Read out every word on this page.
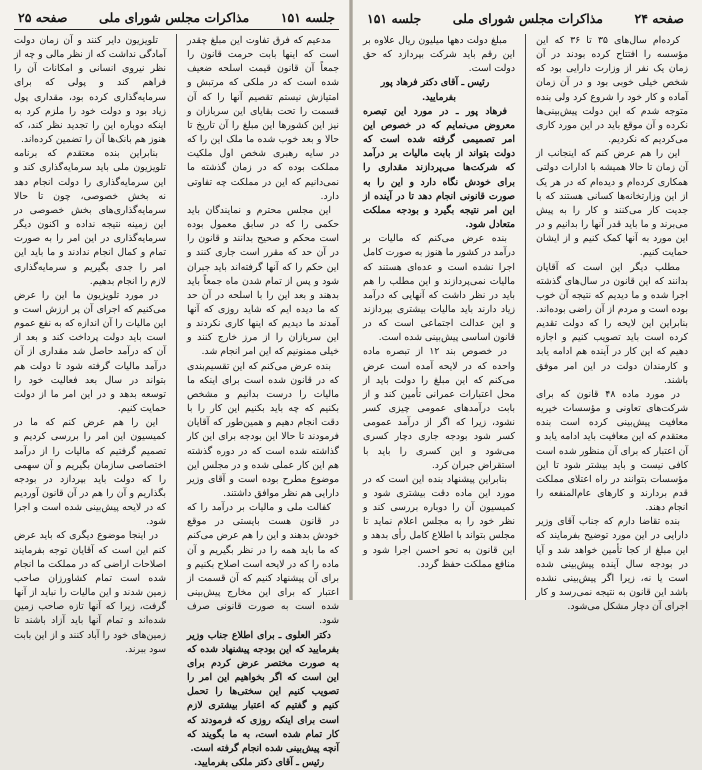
جلسه ۱۵۱
مذاکرات مجلس شورای ملی
صفحه ۲۵

مدعیم که فرق تفاوت این مبلغ چقدر است که اینها بابت حرمت قانون را جمعاً آن قانون قیمت اسلحه ضعیف شده است که در ملکی که مرتبش و امتیازش نیستم تقصیم آنها را که آن قسمت را تحت بقایای این سربازان و نیز این کشورها این مبلغ را آن تاریخ تا حالا و بعد خوب شده ما ملک این را که در سایه رهبری شخص اول ملکیت مملکت بوده که در زمان گذشته ما نمی‌دانیم که این در مملکت چه تفاوتی دارد.

این مجلس محترم و نمایندگان باید حکمی را که در سابق معمول بوده است محکم و صحیح بدانند و قانون را در آن حد که مقرر است جاری کنند و این حکم را که آنها گرفته‌اند باید جبران شود و پس از تمام شدن ماه جمعاً باید بدهند و بعد این را با اسلحه در آن حد که ما دیده ایم که شاید روزی که آنها آمدند ما دیدیم که اینها کاری نکردند و این سربازان را از مرز خارج کنند و خیلی ممنونیم که این امر انجام شد.

بنده عرض می‌کنم که این تقسیم‌بندی که در قانون شده است برای اینکه ما مالیات را درست بدانیم و مشخص بکنیم که چه باید بکنیم این کار را با دقت انجام دهیم و همین‌طور که آقایان فرمودند تا حالا این بودجه برای این کار گذاشته شده است که در دوره گذشته هم این کار عملی شده و در مجلس این موضوع مطرح بوده است و آقای وزیر دارایی هم نظر موافق داشتند.

کفالت ملی و مالیات بر درآمد را که در قانون هست بایستی در موقع خودش بدهند و این را هم عرض می‌کنم که ما باید همه را در نظر بگیریم و آن ماده را که در لایحه است اصلاح بکنیم و برای آن پیشنهاد کنیم که آن قسمت از اعتبار که برای این مخارج پیش‌بینی شده است به صورت قانونی صرف شود.

دکتر العلوی ـ برای اطلاع جناب وزیر بفرمایید که این بودجه پیشنهاد شده که به صورت مختصر عرض کردم برای این است که اگر بخواهیم این امر را تصویب کنیم این سختی‌ها را تحمل کنیم و گفتیم که اعتبار بیشتری لازم است برای اینکه روزی که فرمودند که کار تمام شده است، به ما بگویند که آنچه پیش‌بینی شده انجام گرفته است.

رئیس ـ آقای دکتر ملکی بفرمایید.

تلویزیون دایر کنند و آن زمان دولت آمادگی نداشت که از نظر مالی و چه از نظر نیروی انسانی و امکانات آن را فراهم کند و پولی که برای سرمایه‌گذاری کرده بود، مقداری پول زیاد بود و دولت خود را ملزم کرد به اینکه دوباره این را تجدید نظر کند، که هنوز هم بانک‌ها آن را تضمین کرده‌اند.

بنابراین بنده معتقدم که برنامه تلویزیون ملی باید سرمایه‌گذاری کند و این سرمایه‌گذاری را دولت انجام دهد نه بخش خصوصی، چون تا حالا سرمایه‌گذاری‌های بخش خصوصی در این زمینه نتیجه نداده و اکنون دیگر سرمایه‌گذاری در این امر را به صورت تمام و کمال انجام ندادند و ما باید این امر را جدی بگیریم و سرمایه‌گذاری لازم را انجام بدهیم.

در مورد تلویزیون ما این را عرض می‌کنیم که اجرای آن پر ارزش است و این مالیات را آن اندازه که به نفع عموم است باید دولت پرداخت کند و بعد از آن که درآمد حاصل شد مقداری از آن درآمد مالیات گرفته شود تا دولت هم بتواند در سال بعد فعالیت خود را توسعه بدهد و در این امر ما از دولت حمایت کنیم.

این را هم عرض کنم که ما در کمیسیون این امر را بررسی کردیم و تصمیم گرفتیم که مالیات را از درآمد اختصاصی سازمان بگیریم و آن سهمی را که دولت باید بپردازد در بودجه بگذاریم و آن را هم در آن قانون آوردیم که در لایحه پیش‌بینی شده است و اجرا شود.

در اینجا موضوع دیگری که باید عرض کنم این است که آقایان توجه بفرمایند اصلاحات اراضی که در مملکت ما انجام شده است تمام کشاورزان صاحب زمین شدند و این مالیات را نباید از آنها گرفت، زیرا که آنها تازه صاحب زمین شده‌اند و تمام آنها باید آزاد باشند تا زمین‌های خود را آباد کنند و از این بابت سود ببرند.

صفحه ۲۴
مذاکرات مجلس شورای ملی
جلسه ۱۵۱

کرده‌ام سال‌های ۳۵ تا ۳۶ که این مؤسسه را افتتاح کرده بودند در آن زمان یک نفر از وزارت دارایی بود که شخص خیلی خوبی بود و در آن زمان آماده و کار خود را شروع کرد ولی بنده متوجه شدم که این دولت پیش‌بینی‌ها نکرده و آن موقع باید در این مورد کاری می‌کردیم که نکردیم.

این را هم عرض کنم که اینجانب از آن زمان تا حالا همیشه با ادارات دولتی همکاری کرده‌ام و دیده‌ام که در هر یک از این وزارتخانه‌ها کسانی هستند که با جدیت کار می‌کنند و کار را به پیش می‌برند و ما باید قدر آنها را بدانیم و در این مورد به آنها کمک کنیم و از ایشان حمایت کنیم.

مطلب دیگر این است که آقایان بدانند که این قانون در سال‌های گذشته اجرا شده و ما دیدیم که نتیجه آن خوب بوده است و مردم از آن راضی بوده‌اند. بنابراین این لایحه را که دولت تقدیم کرده است باید تصویب کنیم و اجازه دهیم که این کار در آینده هم ادامه یابد و کارمندان دولت در این امر موفق باشند.

در مورد ماده ۴۸ قانون که برای شرکت‌های تعاونی و مؤسسات خیریه معافیت پیش‌بینی کرده است بنده معتقدم که این معافیت باید ادامه یابد و آن اعتبار که برای آن منظور شده است کافی نیست و باید بیشتر شود تا این مؤسسات بتوانند در راه اعتلای مملکت قدم بردارند و کارهای عام‌المنفعه را انجام دهند.

بنده تقاضا دارم که جناب آقای وزیر دارایی در این مورد توضیح بفرمایند که این مبلغ از کجا تأمین خواهد شد و آیا در بودجه سال آینده پیش‌بینی شده است یا نه، زیرا اگر پیش‌بینی نشده باشد این قانون به نتیجه نمی‌رسد و کار اجرای آن دچار مشکل می‌شود.

مبلغ دولت دهها میلیون ریال علاوه بر این رقم باید شرکت بپردازد که حق دولت است.

رئیس ـ آقای دکتر فرهاد پور بفرمایید.

فرهاد پور ـ در مورد این تبصره معروض می‌نمایم که در خصوص این امر تصمیمی گرفته شده است که دولت بتواند از بابت مالیات بر درآمد که شرکت‌ها می‌پردازند مقداری را برای خودش نگاه دارد و این را به صورت قانونی انجام دهد تا در آینده از این امر نتیجه بگیرد و بودجه مملکت متعادل شود.

بنده عرض می‌کنم که مالیات بر درآمد در کشور ما هنوز به صورت کامل اجرا نشده است و عده‌ای هستند که مالیات نمی‌پردازند و این مطلب را هم باید در نظر داشت که آنهایی که درآمد زیاد دارند باید مالیات بیشتری بپردازند و این عدالت اجتماعی است که در قانون اساسی پیش‌بینی شده است.

در خصوص بند ۱۲ از تبصره ماده واحده که در لایحه آمده است عرض می‌کنم که این مبلغ را دولت باید از محل اعتبارات عمرانی تأمین کند و از بابت درآمدهای عمومی چیزی کسر نشود، زیرا که اگر از درآمد عمومی کسر شود بودجه جاری دچار کسری می‌شود و این کسری را باید با استقراض جبران کرد.

بنابراین پیشنهاد بنده این است که در مورد این ماده دقت بیشتری شود و کمیسیون آن را دوباره بررسی کند و نظر خود را به مجلس اعلام نماید تا مجلس بتواند با اطلاع کامل رأی بدهد و این قانون به نحو احسن اجرا شود و منافع مملکت حفظ گردد.
